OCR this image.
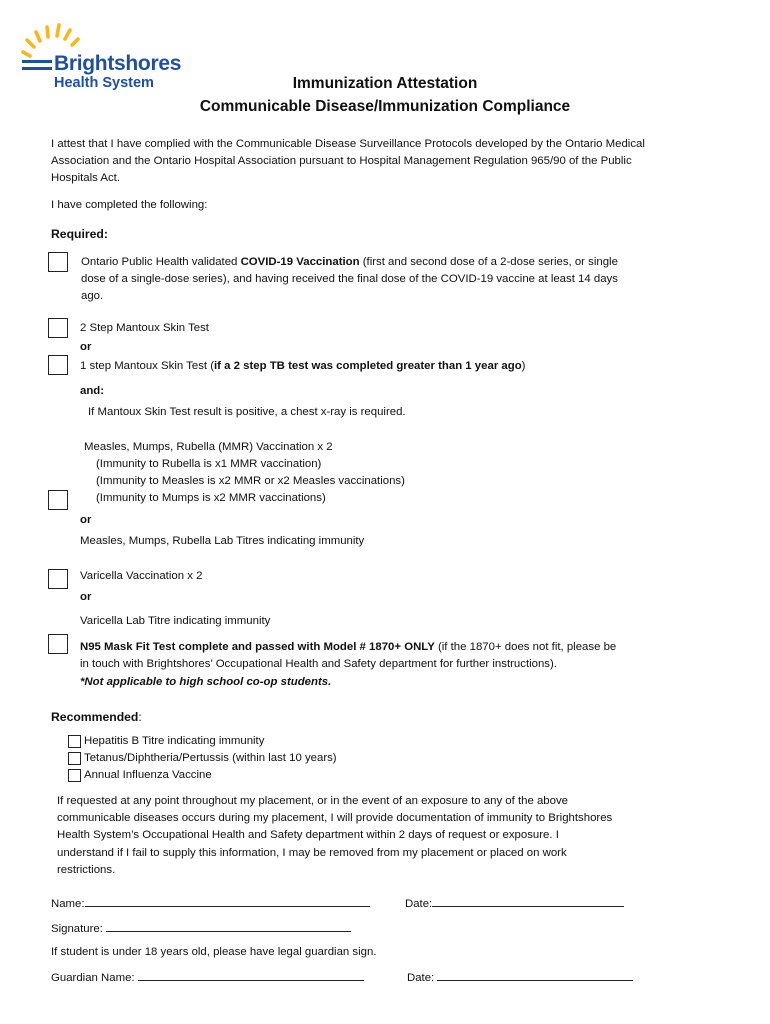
Brightshores
Health System	Immunization Attestation
Communicable Disease/Immunization Compliance
I attest that I have complied with the Communicable Disease Surveillance Protocols developed by the Ontario Medical
Association and the Ontario Hospital Association pursuant to Hospital Management Regulation 965/90 of the Public
Hospitals Act.
I have completed the following:
Required:
Ontario Public Health validated COVID-19 Vaccination (first and second dose of a 2-dose series, or single
dose of a single-dose series), and having received the final dose of the COVID-19 vaccine at least 14 days
ago.
2 Step Mantoux Skin Test
or
1 step Mantoux Skin Test (if a 2 step TB test was completed greater than 1 year ago)
and:
If Mantoux Skin Test result is positive, a chest x-ray is required.
Measles, Mumps, Rubella (MMR) Vaccination x 2
(Immunity to Rubella is x1 MMR vaccination)
(Immunity to Measles is x2 MMR or x2 Measles vaccinations)
(Immunity to Mumps is x2 MMR vaccinations)
or
Measles, Mumps, Rubella Lab Titres indicating immunity
Varicella Vaccination x 2
or
Varicella Lab Titre indicating immunity
N95 Mask Fit Test complete and passed with Model # 1870+ ONLY (if the 1870+ does not fit, please be
in touch with Brightshores’ Occupational Health and Safety department for further instructions).
*Not applicable to high school co-op students.
Recommended:
Hepatitis B Titre indicating immunity
Tetanus/Diphtheria/Pertussis (within last 10 years)
Annual Influenza Vaccine
If requested at any point throughout my placement, or in the event of an exposure to any of the above
communicable diseases occurs during my placement, I will provide documentation of immunity to Brightshores
Health System’s Occupational Health and Safety department within 2 days of request or exposure. I
understand if I fail to supply this information, I may be removed from my placement or placed on work
restrictions.
Name:	Date:
Signature:
If student is under 18 years old, please have legal guardian sign.
Guardian Name:	Date:
